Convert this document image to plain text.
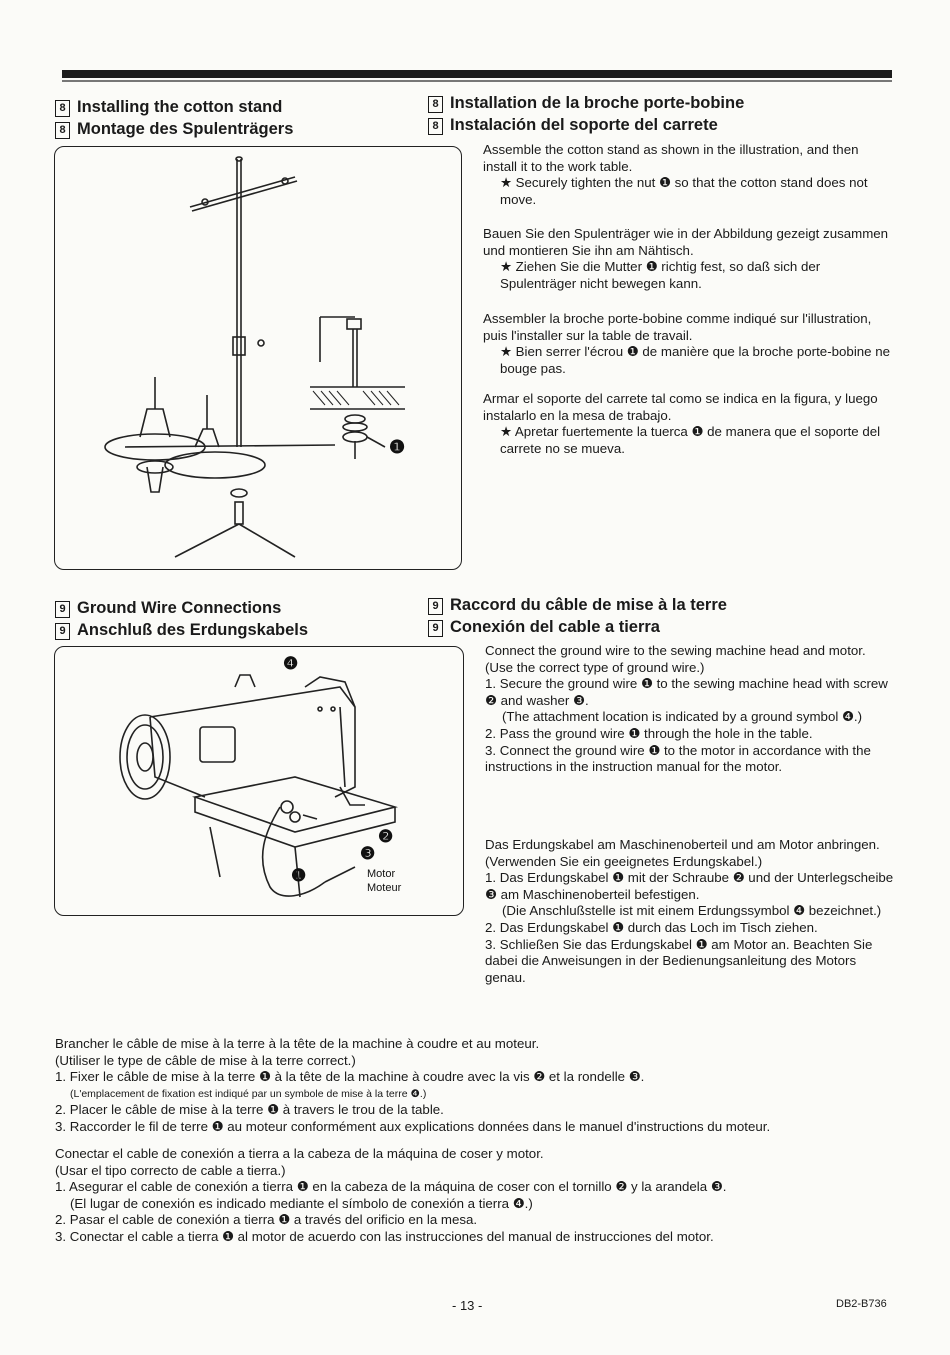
8 Installing the cotton stand
8 Montage des Spulenträgers
8 Installation de la broche porte-bobine
8 Instalación del soporte del carrete
❶
Assemble the cotton stand as shown in the illustration, and then install it to the work table.
★ Securely tighten the nut ❶ so that the cotton stand does not move.
Bauen Sie den Spulenträger wie in der Abbildung gezeigt zusammen und montieren Sie ihn am Nähtisch.
★ Ziehen Sie die Mutter ❶ richtig fest, so daß sich der Spulenträger nicht bewegen kann.
Assembler la broche porte-bobine comme indiqué sur l'illustration, puis l'installer sur la table de travail.
★ Bien serrer l'écrou ❶ de manière que la broche porte-bobine ne bouge pas.
Armar el soporte del carrete tal como se indica en la figura, y luego instalarlo en la mesa de trabajo.
★ Apretar fuertemente la tuerca ❶ de manera que el soporte del carrete no se mueva.
9 Ground Wire Connections
9 Anschluß des Erdungskabels
9 Raccord du câble de mise à la terre
9 Conexión del cable a tierra
❹
❷
❸
❶	Motor
Moteur
Connect the ground wire to the sewing machine head and motor.
(Use the correct type of ground wire.)
1. Secure the ground wire ❶ to the sewing machine head with screw ❷ and washer ❸.
(The attachment location is indicated by a ground symbol ❹.)
2. Pass the ground wire ❶ through the hole in the table.
3. Connect the ground wire ❶ to the motor in accordance with the instructions in the instruction manual for the motor.
Das Erdungskabel am Maschinenoberteil und am Motor anbringen.
(Verwenden Sie ein geeignetes Erdungskabel.)
1. Das Erdungskabel ❶ mit der Schraube ❷ und der Unterlegscheibe ❸ am Maschinenoberteil befestigen.
(Die Anschlußstelle ist mit einem Erdungssymbol ❹ bezeichnet.)
2. Das Erdungskabel ❶ durch das Loch im Tisch ziehen.
3. Schließen Sie das Erdungskabel ❶ am Motor an. Beachten Sie dabei die Anweisungen in der Bedienungsanleitung des Motors genau.
Brancher le câble de mise à la terre à la tête de la machine à coudre et au moteur.
(Utiliser le type de câble de mise à la terre correct.)
1. Fixer le câble de mise à la terre ❶ à la tête de la machine à coudre avec la vis ❷ et la rondelle ❸.
(L'emplacement de fixation est indiqué par un symbole de mise à la terre ❹.)
2. Placer le câble de mise à la terre ❶ à travers le trou de la table.
3. Raccorder le fil de terre ❶ au moteur conformément aux explications données dans le manuel d'instructions du moteur.
Conectar el cable de conexión a tierra a la cabeza de la máquina de coser y motor.
(Usar el tipo correcto de cable a tierra.)
1. Asegurar el cable de conexión a tierra ❶ en la cabeza de la máquina de coser con el tornillo ❷ y la arandela ❸.
(El lugar de conexión es indicado mediante el símbolo de conexión a tierra ❹.)
2. Pasar el cable de conexión a tierra ❶ a través del orificio en la mesa.
3. Conectar el cable a tierra ❶ al motor de acuerdo con las instrucciones del manual de instrucciones del motor.
- 13 -	DB2-B736
